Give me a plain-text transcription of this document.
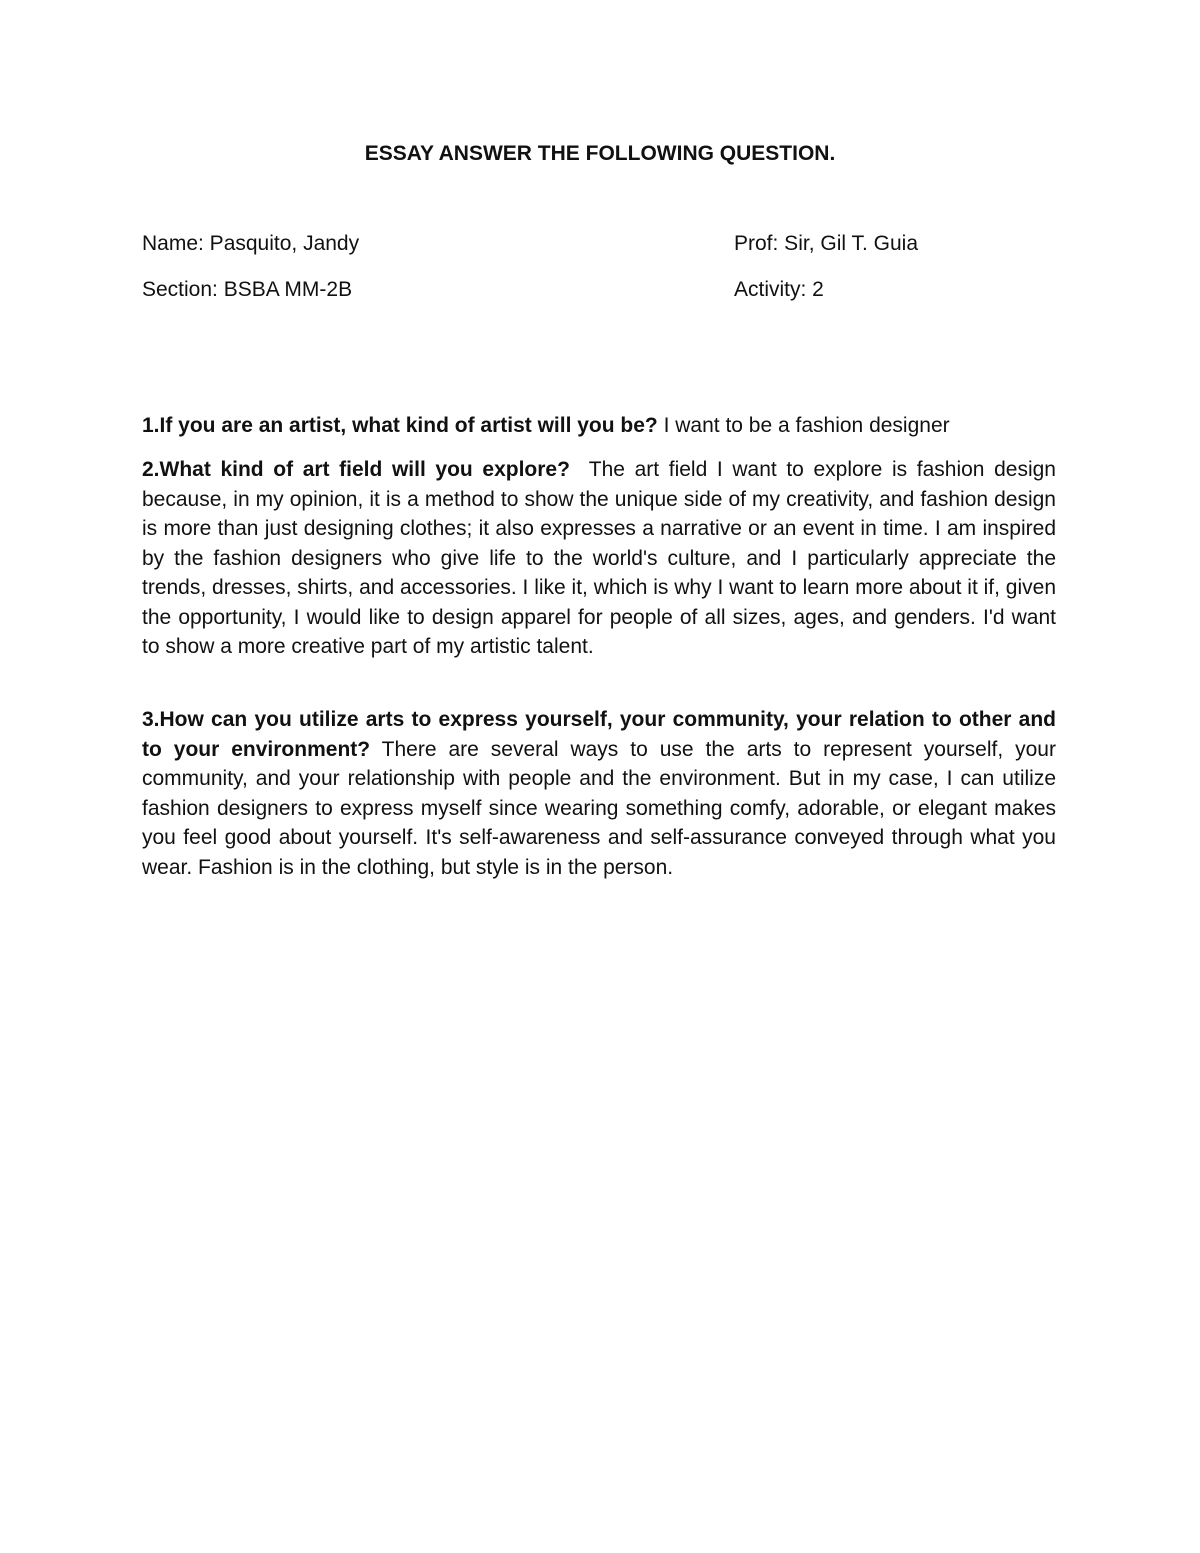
ESSAY ANSWER THE FOLLOWING QUESTION.
Name: Pasquito, Jandy	Prof: Sir, Gil T. Guia
Section: BSBA MM-2B	Activity: 2
1.If you are an artist, what kind of artist will you be? I want to be a fashion designer
2.What kind of art field will you explore?  The art field I want to explore is fashion design because, in my opinion, it is a method to show the unique side of my creativity, and fashion design is more than just designing clothes; it also expresses a narrative or an event in time. I am inspired by the fashion designers who give life to the world's culture, and I particularly appreciate the trends, dresses, shirts, and accessories. I like it, which is why I want to learn more about it if, given the opportunity, I would like to design apparel for people of all sizes, ages, and genders. I'd want to show a more creative part of my artistic talent.
3.How can you utilize arts to express yourself, your community, your relation to other and to your environment? There are several ways to use the arts to represent yourself, your community, and your relationship with people and the environment. But in my case, I can utilize fashion designers to express myself since wearing something comfy, adorable, or elegant makes you feel good about yourself. It's self-awareness and self-assurance conveyed through what you wear. Fashion is in the clothing, but style is in the person.
